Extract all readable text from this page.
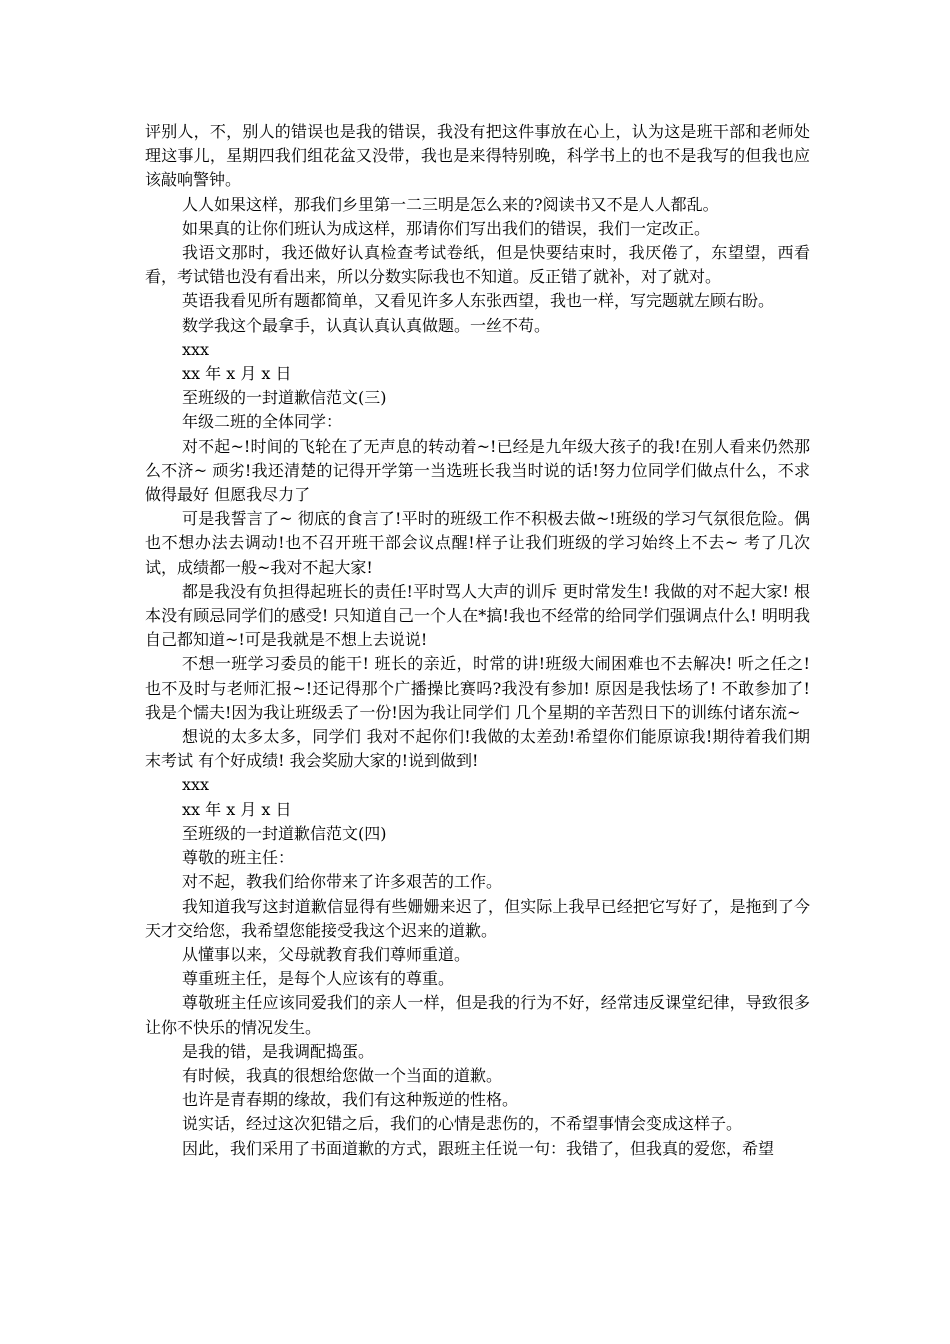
评别人，不，别人的错误也是我的错误，我没有把这件事放在心上，认为这是班干部和老师处理这事儿，星期四我们组花盆又没带，我也是来得特别晚，科学书上的也不是我写的但我也应该敲响警钟。

人人如果这样，那我们乡里第一二三明是怎么来的?阅读书又不是人人都乱。

如果真的让你们班认为成这样，那请你们写出我们的错误，我们一定改正。

我语文那时，我还做好认真检查考试卷纸，但是快要结束时，我厌倦了，东望望，西看看，考试错也没有看出来，所以分数实际我也不知道。反正错了就补，对了就对。

英语我看见所有题都简单，又看见许多人东张西望，我也一样，写完题就左顾右盼。

数学我这个最拿手，认真认真认真做题。一丝不苟。

xxx

xx 年 x 月 x 日

至班级的一封道歉信范文(三)

年级二班的全体同学：

对不起~!时间的飞轮在了无声息的转动着~!已经是九年级大孩子的我!在别人看来仍然那么不济~ 顽劣!我还清楚的记得开学第一当选班长我当时说的话!努力位同学们做点什么，不求做得最好 但愿我尽力了

可是我誓言了~ 彻底的食言了!平时的班级工作不积极去做~!班级的学习气氛很危险。偶也不想办法去调动!也不召开班干部会议点醒!样子让我们班级的学习始终上不去~ 考了几次试，成绩都一般~我对不起大家!

都是我没有负担得起班长的责任!平时骂人大声的训斥 更时常发生! 我做的对不起大家! 根本没有顾忌同学们的感受! 只知道自己一个人在*搞!我也不经常的给同学们强调点什么! 明明我自己都知道~!可是我就是不想上去说说!

不想一班学习委员的能干! 班长的亲近，时常的讲!班级大闹困难也不去解决! 听之任之! 也不及时与老师汇报~!还记得那个广播操比赛吗?我没有参加! 原因是我怯场了! 不敢参加了! 我是个懦夫!因为我让班级丢了一份!因为我让同学们 几个星期的辛苦烈日下的训练付诸东流~

想说的太多太多，同学们 我对不起你们!我做的太差劲!希望你们能原谅我!期待着我们期末考试 有个好成绩! 我会奖励大家的!说到做到!

xxx

xx 年 x 月 x 日

至班级的一封道歉信范文(四)

尊敬的班主任：

对不起，教我们给你带来了许多艰苦的工作。

我知道我写这封道歉信显得有些姗姗来迟了，但实际上我早已经把它写好了，是拖到了今天才交给您，我希望您能接受我这个迟来的道歉。

从懂事以来，父母就教育我们尊师重道。

尊重班主任，是每个人应该有的尊重。

尊敬班主任应该同爱我们的亲人一样，但是我的行为不好，经常违反课堂纪律，导致很多让你不快乐的情况发生。

是我的错，是我调配捣蛋。

有时候，我真的很想给您做一个当面的道歉。

也许是青春期的缘故，我们有这种叛逆的性格。

说实话，经过这次犯错之后，我们的心情是悲伤的，不希望事情会变成这样子。

因此，我们采用了书面道歉的方式，跟班主任说一句：我错了，但我真的爱您，希望
